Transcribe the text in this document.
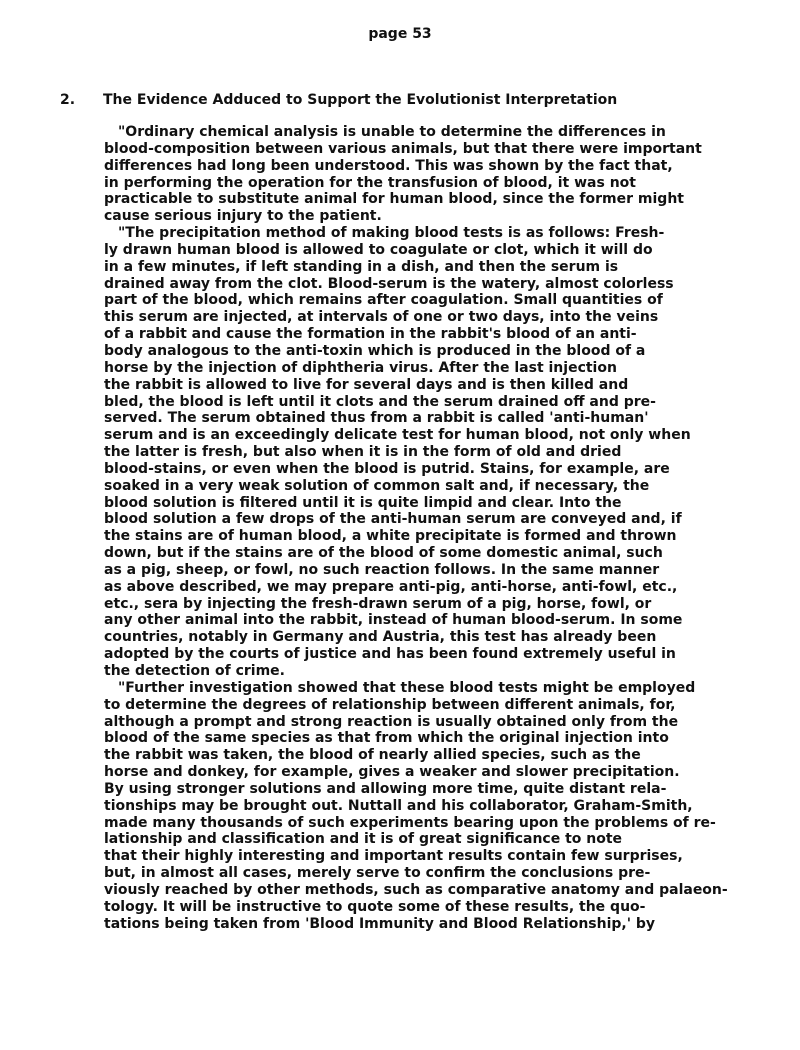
page 53
2. The Evidence Adduced to Support the Evolutionist Interpretation
"Ordinary chemical analysis is unable to determine the differences in
blood-composition between various animals, but that there were important
differences had long been understood. This was shown by the fact that,
in performing the operation for the transfusion of blood, it was not
practicable to substitute animal for human blood, since the former might
cause serious injury to the patient.
"The precipitation method of making blood tests is as follows: Fresh-
ly drawn human blood is allowed to coagulate or clot, which it will do
in a few minutes, if left standing in a dish, and then the serum is
drained away from the clot. Blood-serum is the watery, almost colorless
part of the blood, which remains after coagulation. Small quantities of
this serum are injected, at intervals of one or two days, into the veins
of a rabbit and cause the formation in the rabbit's blood of an anti-
body analogous to the anti-toxin which is produced in the blood of a
horse by the injection of diphtheria virus. After the last injection
the rabbit is allowed to live for several days and is then killed and
bled, the blood is left until it clots and the serum drained off and pre-
served. The serum obtained thus from a rabbit is called 'anti-human'
serum and is an exceedingly delicate test for human blood, not only when
the latter is fresh, but also when it is in the form of old and dried
blood-stains, or even when the blood is putrid. Stains, for example, are
soaked in a very weak solution of common salt and, if necessary, the
blood solution is filtered until it is quite limpid and clear. Into the
blood solution a few drops of the anti-human serum are conveyed and, if
the stains are of human blood, a white precipitate is formed and thrown
down, but if the stains are of the blood of some domestic animal, such
as a pig, sheep, or fowl, no such reaction follows. In the same manner
as above described, we may prepare anti-pig, anti-horse, anti-fowl, etc.,
etc., sera by injecting the fresh-drawn serum of a pig, horse, fowl, or
any other animal into the rabbit, instead of human blood-serum. In some
countries, notably in Germany and Austria, this test has already been
adopted by the courts of justice and has been found extremely useful in
the detection of crime.
"Further investigation showed that these blood tests might be employed
to determine the degrees of relationship between different animals, for,
although a prompt and strong reaction is usually obtained only from the
blood of the same species as that from which the original injection into
the rabbit was taken, the blood of nearly allied species, such as the
horse and donkey, for example, gives a weaker and slower precipitation.
By using stronger solutions and allowing more time, quite distant rela-
tionships may be brought out. Nuttall and his collaborator, Graham-Smith,
made many thousands of such experiments bearing upon the problems of re-
lationship and classification and it is of great significance to note
that their highly interesting and important results contain few surprises,
but, in almost all cases, merely serve to confirm the conclusions pre-
viously reached by other methods, such as comparative anatomy and palaeon-
tology. It will be instructive to quote some of these results, the quo-
tations being taken from 'Blood Immunity and Blood Relationship,' by
